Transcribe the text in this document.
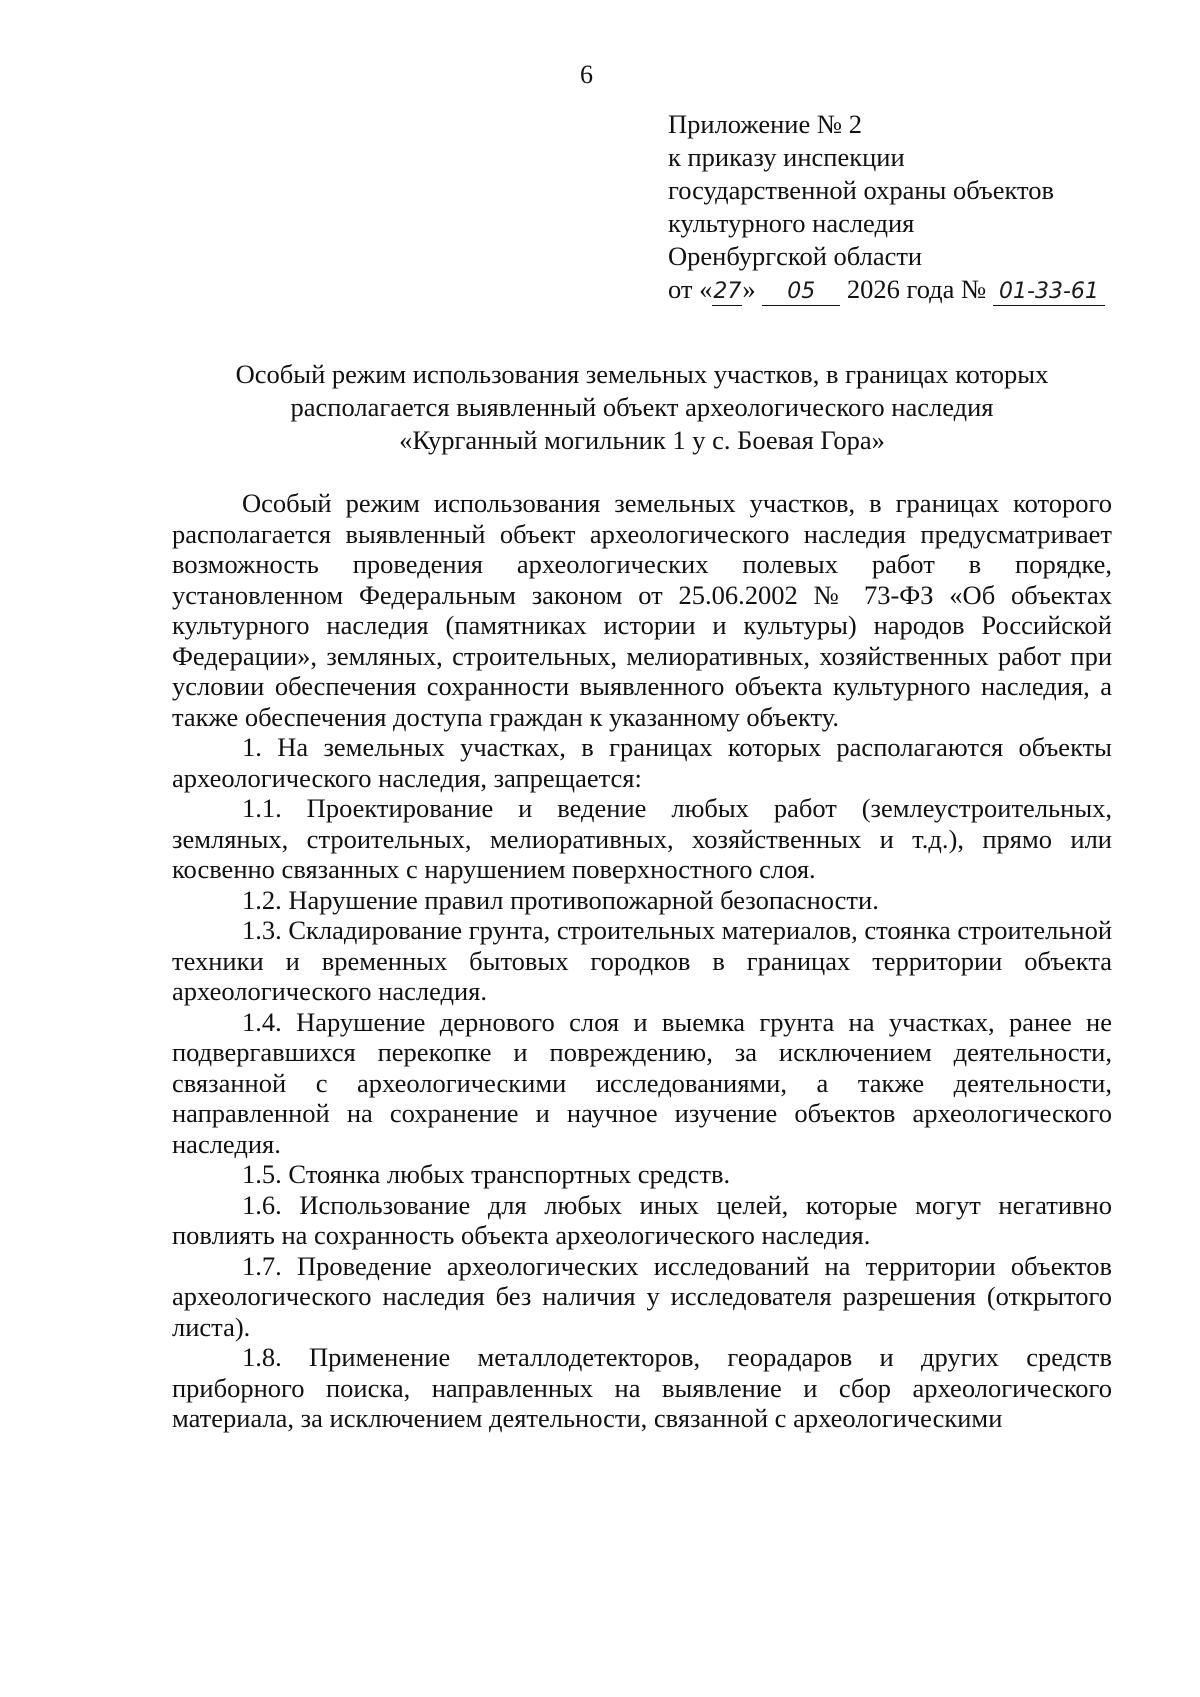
6
Приложение № 2
к приказу инспекции
государственной охраны объектов
культурного наследия
Оренбургской области
от «27» 05 2026 года № 01-33-61
Особый режим использования земельных участков, в границах которых
располагается выявленный объект археологического наследия
«Курганный могильник 1 у с. Боевая Гора»

Особый режим использования земельных участков, в границах которого располагается выявленный объект археологического наследия предусматривает возможность проведения археологических полевых работ в порядке, установленном Федеральным законом от 25.06.2002 № 73-ФЗ «Об объектах культурного наследия (памятниках истории и культуры) народов Российской Федерации», земляных, строительных, мелиоративных, хозяйственных работ при условии обеспечения сохранности выявленного объекта культурного наследия, а также обеспечения доступа граждан к указанному объекту.

1. На земельных участках, в границах которых располагаются объекты археологического наследия, запрещается:

1.1. Проектирование и ведение любых работ (землеустроительных, земляных, строительных, мелиоративных, хозяйственных и т.д.), прямо или косвенно связанных с нарушением поверхностного слоя.

1.2. Нарушение правил противопожарной безопасности.

1.3. Складирование грунта, строительных материалов, стоянка строительной техники и временных бытовых городков в границах территории объекта археологического наследия.

1.4. Нарушение дернового слоя и выемка грунта на участках, ранее не подвергавшихся перекопке и повреждению, за исключением деятельности, связанной с археологическими исследованиями, а также деятельности, направленной на сохранение и научное изучение объектов археологического наследия.

1.5. Стоянка любых транспортных средств.

1.6. Использование для любых иных целей, которые могут негативно повлиять на сохранность объекта археологического наследия.

1.7. Проведение археологических исследований на территории объектов археологического наследия без наличия у исследователя разрешения (открытого листа).

1.8. Применение металлодетекторов, георадаров и других средств приборного поиска, направленных на выявление и сбор археологического материала, за исключением деятельности, связанной с археологическими
